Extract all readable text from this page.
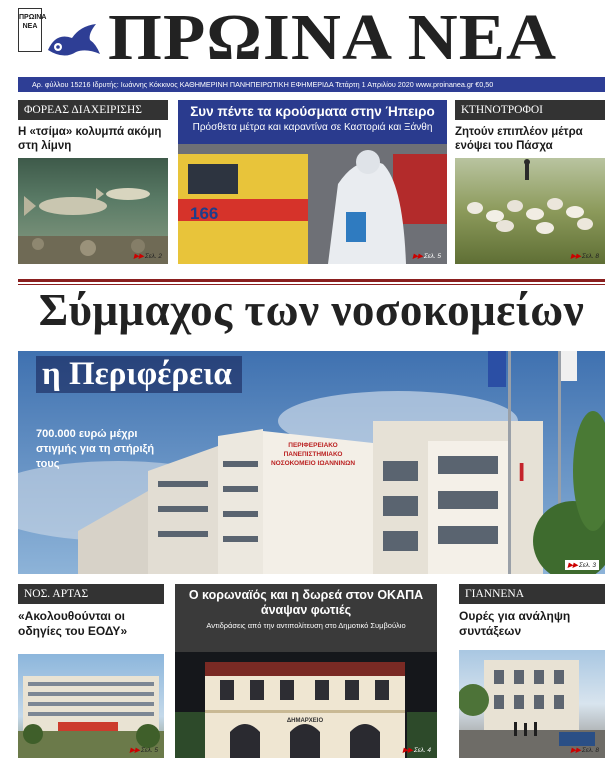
ΠΡΩΙΝΑ ΝΕΑ ΠΡΩΙΝΑ ΝΕΑ
Αρ. φύλλου 15216 Ιδρυτής: Ιωάννης Κόκκινος ΚΑΘΗΜΕΡΙΝΗ ΠΑΝΗΠΕΙΡΩΤΙΚΗ ΕΦΗΜΕΡΙΔΑ Τετάρτη 1 Απριλίου 2020 www.proinanea.gr €0,50
ΦΟΡΕΑΣ ΔΙΑΧΕΙΡΙΣΗΣ
Η «τσίμα» κολυμπά ακόμη στη λίμνη
▶▶Σελ. 2
Συν πέντε τα κρούσματα στην Ήπειρο
Πρόσθετα μέτρα και καραντίνα σε Καστοριά και Ξάνθη
166
▶▶Σελ. 5
ΚΤΗΝΟΤΡΟΦΟΙ
Ζητούν επιπλέον μέτρα ενόψει του Πάσχα
▶▶Σελ. 8
Σύμμαχος των νοσοκομείων
Ι
ΠΕΡΙΦΕΡΕΙΑΚΟ ΠΑΝΕΠΙΣΤΗΜΙΑΚΟ ΝΟΣΟΚΟΜΕΙΟ ΙΩΑΝΝΙΝΩΝ
η Περιφέρεια
700.000 ευρώ μέχρι στιγμής για τη στήριξή τους
▶▶Σελ. 3
ΝΟΣ. ΑΡΤΑΣ
«Ακολουθούνται οι οδηγίες του ΕΟΔΥ»
▶▶Σελ. 5
Ο κορωναϊός και η δωρεά στον ΟΚΑΠΑ άναψαν φωτιές
Αντιδράσεις από την αντιπολίτευση στο Δημοτικό Συμβούλιο
ΔΗΜΑΡΧΕΙΟ
▶▶Σελ. 4
ΓΙΑΝΝΕΝΑ
Ουρές για ανάληψη συντάξεων
▶▶Σελ. 8
